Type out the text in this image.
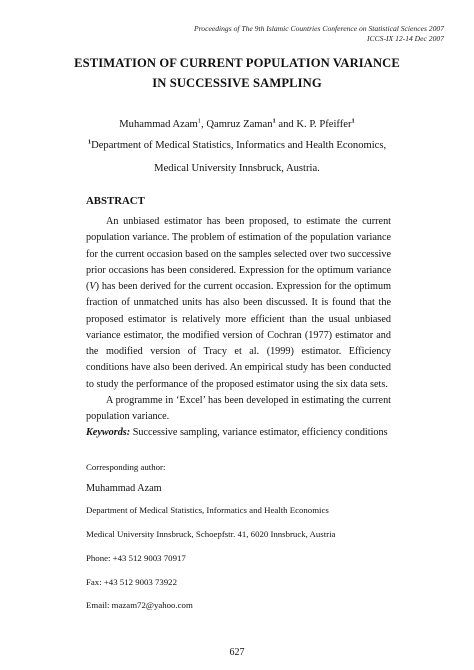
Proceedings of The 9th Islamic Countries Conference on Statistical Sciences 2007
ICCS-IX 12-14 Dec 2007
ESTIMATION OF CURRENT POPULATION VARIANCE
IN SUCCESSIVE SAMPLING
Muhammad Azam$^1$, Qamruz Zaman$^1$ and K. P. Pfeiffer$^1$
$^1$Department of Medical Statistics, Informatics and Health Economics,
Medical University Innsbruck, Austria.
ABSTRACT

An unbiased estimator has been proposed, to estimate the current population variance. The problem of estimation of the population variance for the current occasion based on the samples selected over two successive prior occasions has been considered. Expression for the optimum variance (V) has been derived for the current occasion. Expression for the optimum fraction of unmatched units has also been discussed. It is found that the proposed estimator is relatively more efficient than the usual unbiased variance estimator, the modified version of Cochran (1977) estimator and the modified version of Tracy et al. (1999) estimator. Efficiency conditions have also been derived. An empirical study has been conducted to study the performance of the proposed estimator using the six data sets.

A programme in ‘Excel’ has been developed in estimating the current population variance.

Keywords: Successive sampling, variance estimator, efficiency conditions

Corresponding author:
Muhammad Azam
Department of Medical Statistics, Informatics and Health Economics
Medical University Innsbruck, Schoepfstr. 41, 6020 Innsbruck, Austria
Phone: +43 512 9003 70917
Fax: +43 512 9003 73922
Email: mazam72@yahoo.com
627
